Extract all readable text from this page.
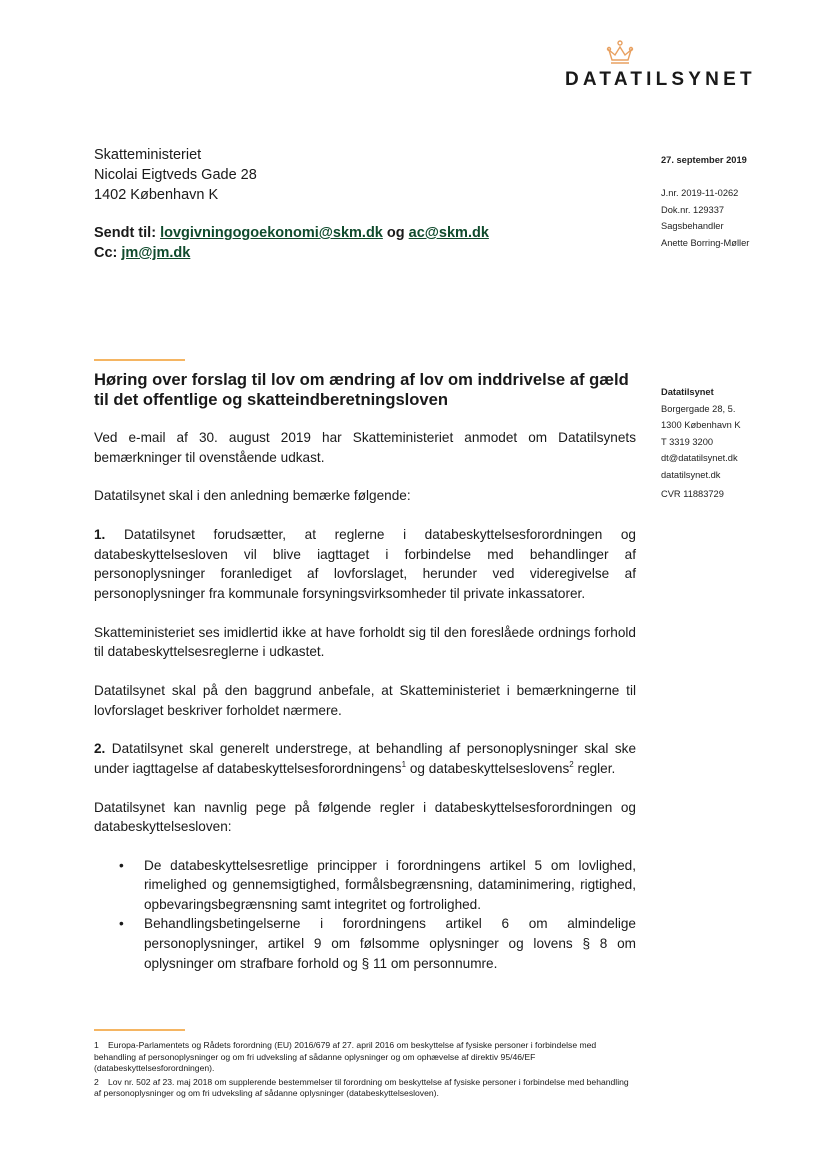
DATATILSYNET
Skatteministeriet
Nicolai Eigtveds Gade 28
1402 København K
Sendt til: lovgivningogoekonomi@skm.dk og ac@skm.dk
Cc: jm@jm.dk
27. september 2019
J.nr. 2019-11-0262
Dok.nr. 129337
Sagsbehandler
Anette Borring-Møller
Datatilsynet
Borgergade 28, 5.
1300 København K
T 3319 3200
dt@datatilsynet.dk
datatilsynet.dk
CVR 11883729
Høring over forslag til lov om ændring af lov om inddrivelse af gæld til det offentlige og skatteindberetningsloven

Ved e-mail af 30. august 2019 har Skatteministeriet anmodet om Datatilsynets bemærkninger til ovenstående udkast.

Datatilsynet skal i den anledning bemærke følgende:

1. Datatilsynet forudsætter, at reglerne i databeskyttelsesforordningen og databeskyttelsesloven vil blive iagttaget i forbindelse med behandlinger af personoplysninger foranlediget af lovforslaget, herunder ved videregivelse af personoplysninger fra kommunale forsyningsvirksomheder til private inkassatorer.

Skatteministeriet ses imidlertid ikke at have forholdt sig til den foreslåede ordnings forhold til databeskyttelsesreglerne i udkastet.

Datatilsynet skal på den baggrund anbefale, at Skatteministeriet i bemærkningerne til lovforslaget beskriver forholdet nærmere.

2. Datatilsynet skal generelt understrege, at behandling af personoplysninger skal ske under iagttagelse af databeskyttelsesforordningens$^1$ og databeskyttelseslovens$^2$ regler.

Datatilsynet kan navnlig pege på følgende regler i databeskyttelsesforordningen og databeskyttelsesloven:

• De databeskyttelsesretlige principper i forordningens artikel 5 om lovlighed, rimelighed og gennemsigtighed, formålsbegrænsning, dataminimering, rigtighed, opbevaringsbegrænsning samt integritet og fortrolighed.
• Behandlingsbetingelserne i forordningens artikel 6 om almindelige personoplysninger, artikel 9 om følsomme oplysninger og lovens § 8 om oplysninger om strafbare forhold og § 11 om personnumre.
1 Europa-Parlamentets og Rådets forordning (EU) 2016/679 af 27. april 2016 om beskyttelse af fysiske personer i forbindelse med behandling af personoplysninger og om fri udveksling af sådanne oplysninger og om ophævelse af direktiv 95/46/EF (databeskyttelsesforordningen).
2 Lov nr. 502 af 23. maj 2018 om supplerende bestemmelser til forordning om beskyttelse af fysiske personer i forbindelse med behandling af personoplysninger og om fri udveksling af sådanne oplysninger (databeskyttelsesloven).
